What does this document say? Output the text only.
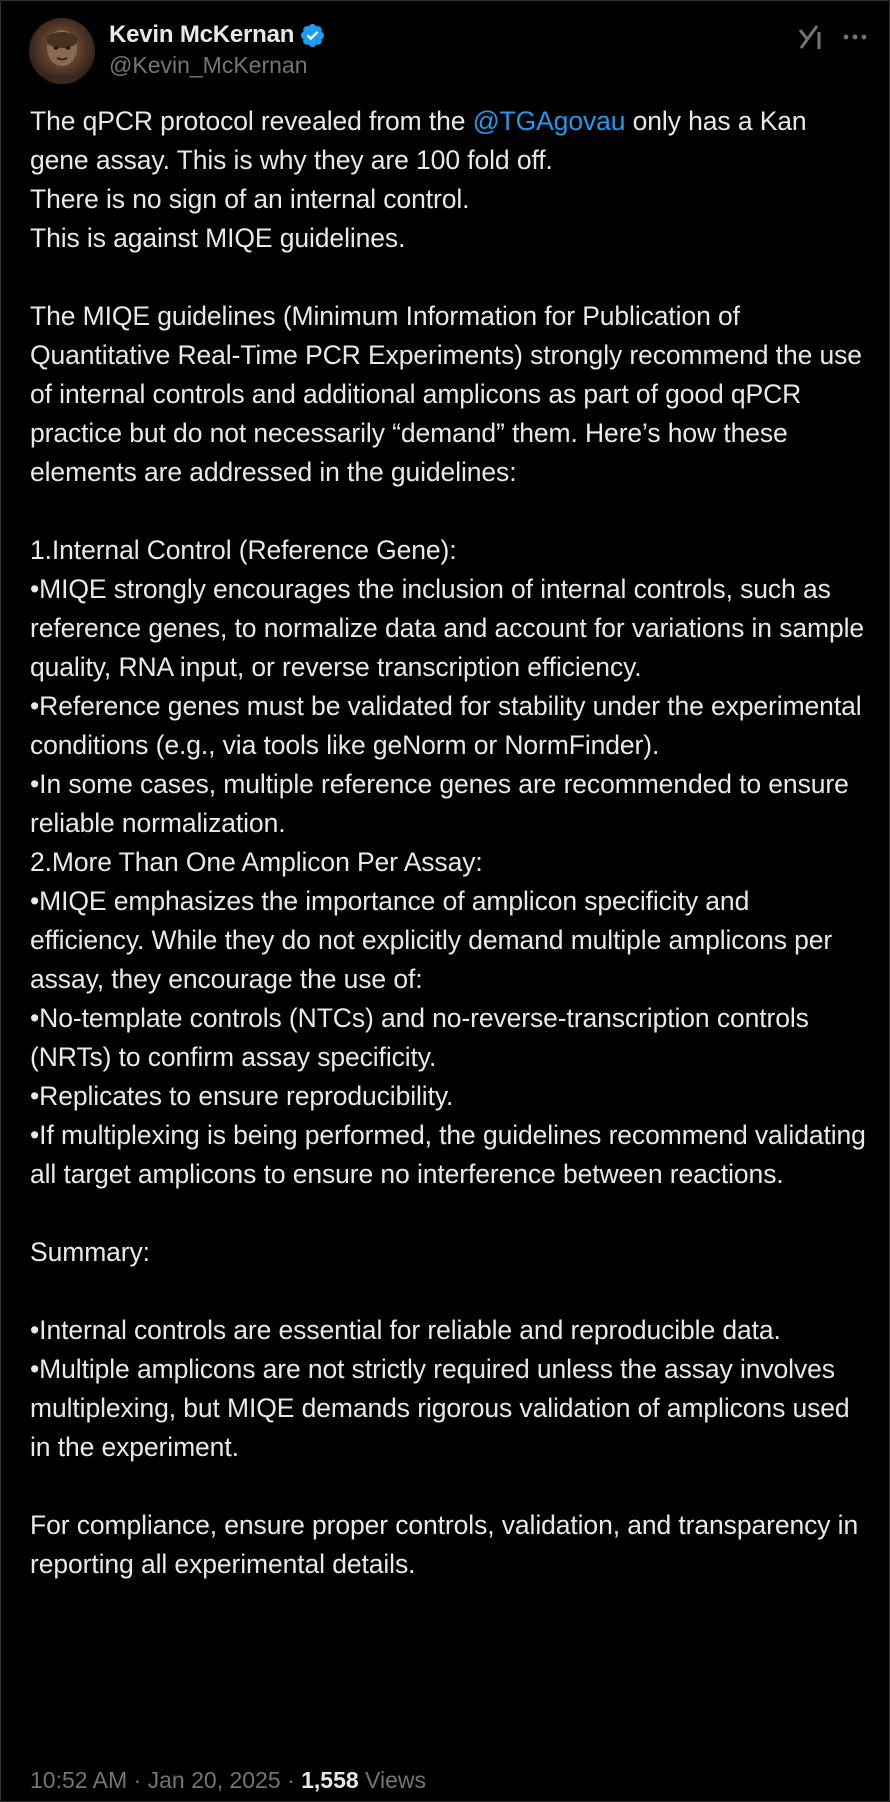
Kevin McKernan
@Kevin_McKernan
The qPCR protocol revealed from the @TGAgovau only has a Kan gene assay. This is why they are 100 fold off.
There is no sign of an internal control.
This is against MIQE guidelines.

The MIQE guidelines (Minimum Information for Publication of Quantitative Real-Time PCR Experiments) strongly recommend the use of internal controls and additional amplicons as part of good qPCR practice but do not necessarily “demand” them. Here’s how these elements are addressed in the guidelines:

1.Internal Control (Reference Gene):
•MIQE strongly encourages the inclusion of internal controls, such as reference genes, to normalize data and account for variations in sample quality, RNA input, or reverse transcription efficiency.
•Reference genes must be validated for stability under the experimental conditions (e.g., via tools like geNorm or NormFinder).
•In some cases, multiple reference genes are recommended to ensure reliable normalization.
2.More Than One Amplicon Per Assay:
•MIQE emphasizes the importance of amplicon specificity and efficiency. While they do not explicitly demand multiple amplicons per assay, they encourage the use of:
•No-template controls (NTCs) and no-reverse-transcription controls (NRTs) to confirm assay specificity.
•Replicates to ensure reproducibility.
•If multiplexing is being performed, the guidelines recommend validating all target amplicons to ensure no interference between reactions.

Summary:

•Internal controls are essential for reliable and reproducible data.
•Multiple amplicons are not strictly required unless the assay involves multiplexing, but MIQE demands rigorous validation of amplicons used in the experiment.

For compliance, ensure proper controls, validation, and transparency in reporting all experimental details.
10:52 AM · Jan 20, 2025 · 1,558 Views
